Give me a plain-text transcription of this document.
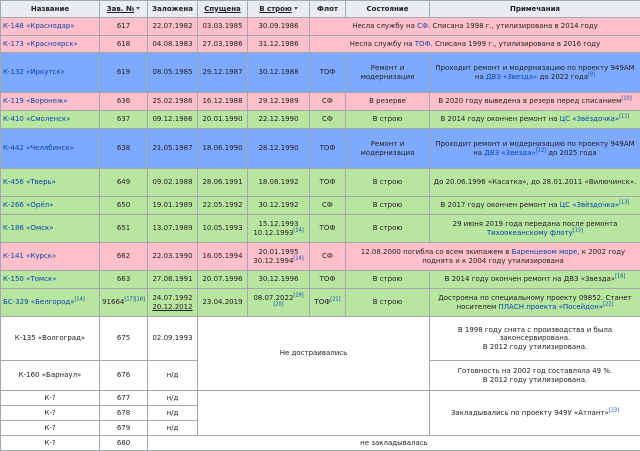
Название	Зав. №	Заложена	Спущена	В строю	Флот	Состояние	Примечания
К-148 «Краснодар»	617	22.07.1982	03.03.1985	30.09.1986	Несла службу на СФ. Списана 1998 г., утилизирована в 2014 году		
К-173 «Красноярск»	618	04.08.1983	27.03.1986	31.12.1986	Несла службу на ТОФ. Списана 1999 г., утилизирована в 2016 году		
К-132 «Иркутск»	619	08.05.1985	29.12.1987	30.12.1988	ТОФ	Ремонт и модернизация	Проходит ремонт и модернизацию по проекту 949АМ на ДВЗ «Звезда» до 2022 года[9]
К-119 «Воронеж»	636	25.02.1986	16.12.1988	29.12.1989	СФ	В резерве	В 2020 году выведена в резерв перед списанием[10]
К-410 «Смоленск»	637	09.12.1986	20.01.1990	22.12.1990	СФ	В строю	В 2014 году окончен ремонт на ЦС «Звёздочка»[11]
К-442 «Челябинск»	638	21.05.1987	18.06.1990	28.12.1990	ТОФ	Ремонт и модернизация	Проходит ремонт и модернизацию по проекту 949АМ на ДВЗ «Звезда»[12] до 2025 года
К-456 «Тверь»	649	09.02.1988	28.06.1991	18.08.1992	ТОФ	В строю	До 20.06.1996 «Касатка», до 28.01.2011 «Вилючинск».
К-266 «Орёл»	650	19.01.1989	22.05.1992	30.12.1992	СФ	В строю	В 2017 году окончен ремонт на ЦС «Звёздочка»[13]
К-186 «Омск»	651	13.07.1989	10.05.1993	15.12.1993
10.12.1993[14]	ТОФ	В строю	29 июня 2019 года передана после ремонта Тихоокеанскому флоту[15]
К-141 «Курск»	662	22.03.1990	16.05.1994	20.01.1995
30.12.1994[14]	СФ	12.08.2000 погибла со всем экипажем в Баренцевом море, к 2002 году поднята и к 2004 году утилизирована	
К-150 «Томск»	663	27.08.1991	20.07.1996	30.12.1996	ТОФ	В строю	В 2014 году окончен ремонт на ДВЗ «Звезда»[16]
БС-329 «Белгород»[14]	91664[17][18]	24.07.1992
20.12.2012	23.04.2019	08.07.2022[19][20]	ТОФ[21]	В строю	Достроена по специальному проекту 09852. Станет носителем ПЛАСН проекта «Посейдон»[22]
К-135 «Волгоград»	675	02.09.1993	Не достраивались				В 1998 году снята с производства и была законсервирована.
В 2012 году утилизирована.
К-160 «Барнаул»	676	н/д					Готовность на 2002 год составляла 49 %.
В 2012 году утилизирована.
К-?	677	н/д					Закладывались по проекту 949У «Атлант»[23]
К-?	678	н/д					
К-?	679	н/д					
К-?	680	не закладывалась					
